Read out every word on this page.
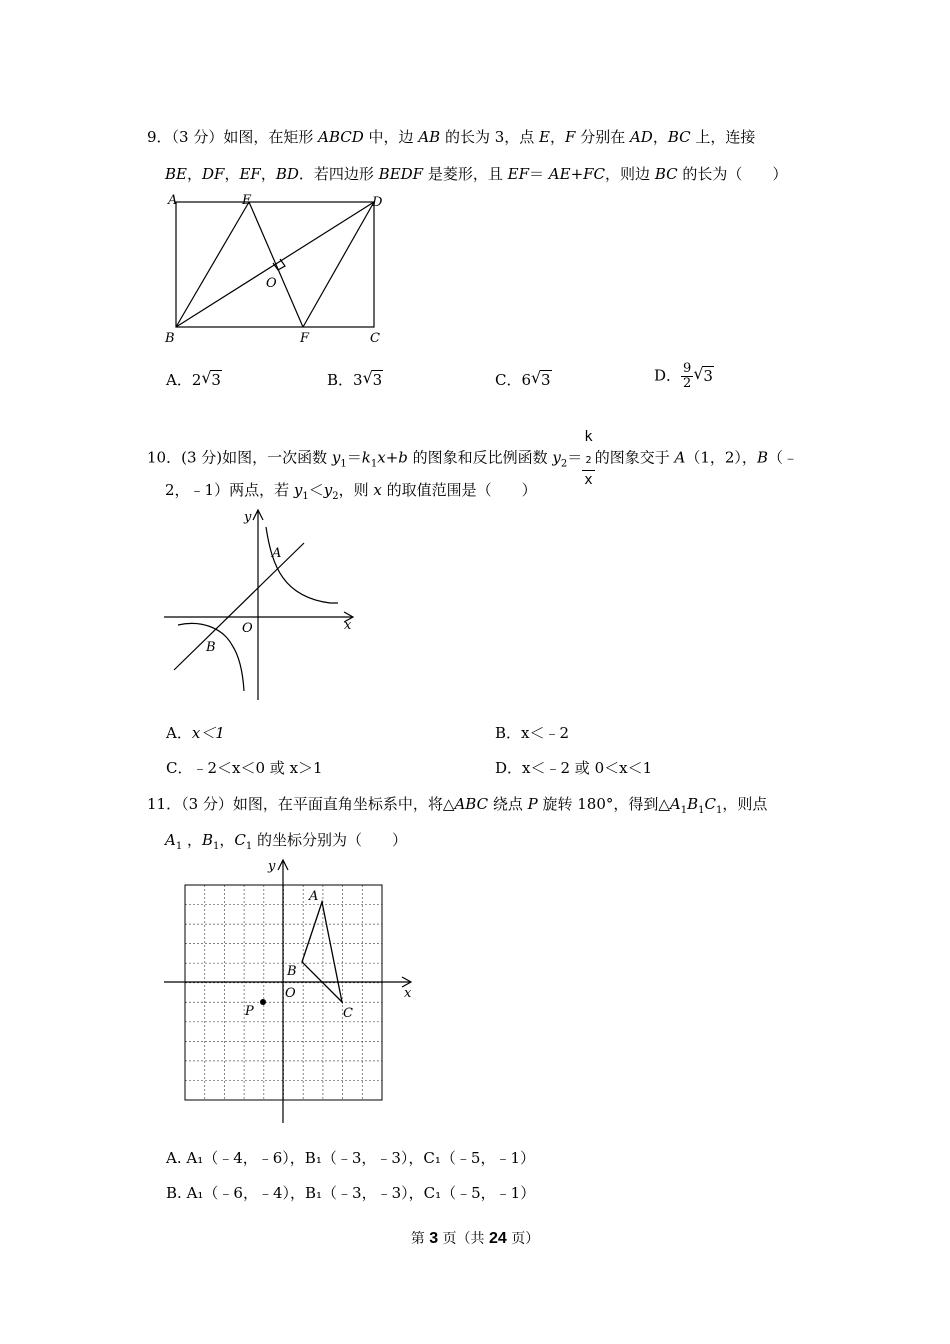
9．（3 分）如图，在矩形 ABCD 中，边 AB 的长为 3，点 E，F 分别在 AD，BC 上，连接
BE，DF，EF，BD．若四边形 BEDF 是菱形，且 EF＝ AE+FC，则边 BC 的长为（　　）
A	E	D
O
B	F	C
A．2 √ 3	B．3 √ 3	C．6 √ 3	D． $\frac{9}{2}$ √ 3
10．(3 分)如图，一次函数 $y_1=k_1x+b$ 的图象和反比例函数 $y_2= k$
$_2$
x 的图象交于 A（1，2），B（﹣
2，﹣1）两点，若 $y_1<y_2$，则 x 的取值范围是（　　）
y
A
O	x
B
A．x＜1	B．x＜﹣2
C．﹣2＜x＜0 或 x＞1	D．x＜﹣2 或 0＜x＜1
11．（3 分）如图，在平面直角坐标系中，将△ABC 绕点 P 旋转 180°，得到$\triangle A_1B_1C_1$，则点
$A_1$ ，$B_1$，$C_1$ 的坐标分别为（　　）
y
A
B
O	x
P	C
A. A₁（﹣4，﹣6），B₁（﹣3，﹣3），C₁（﹣5，﹣1）
B. A₁（﹣6，﹣4），B₁（﹣3，﹣3），C₁（﹣5，﹣1）
第 3 页（共 24 页）
